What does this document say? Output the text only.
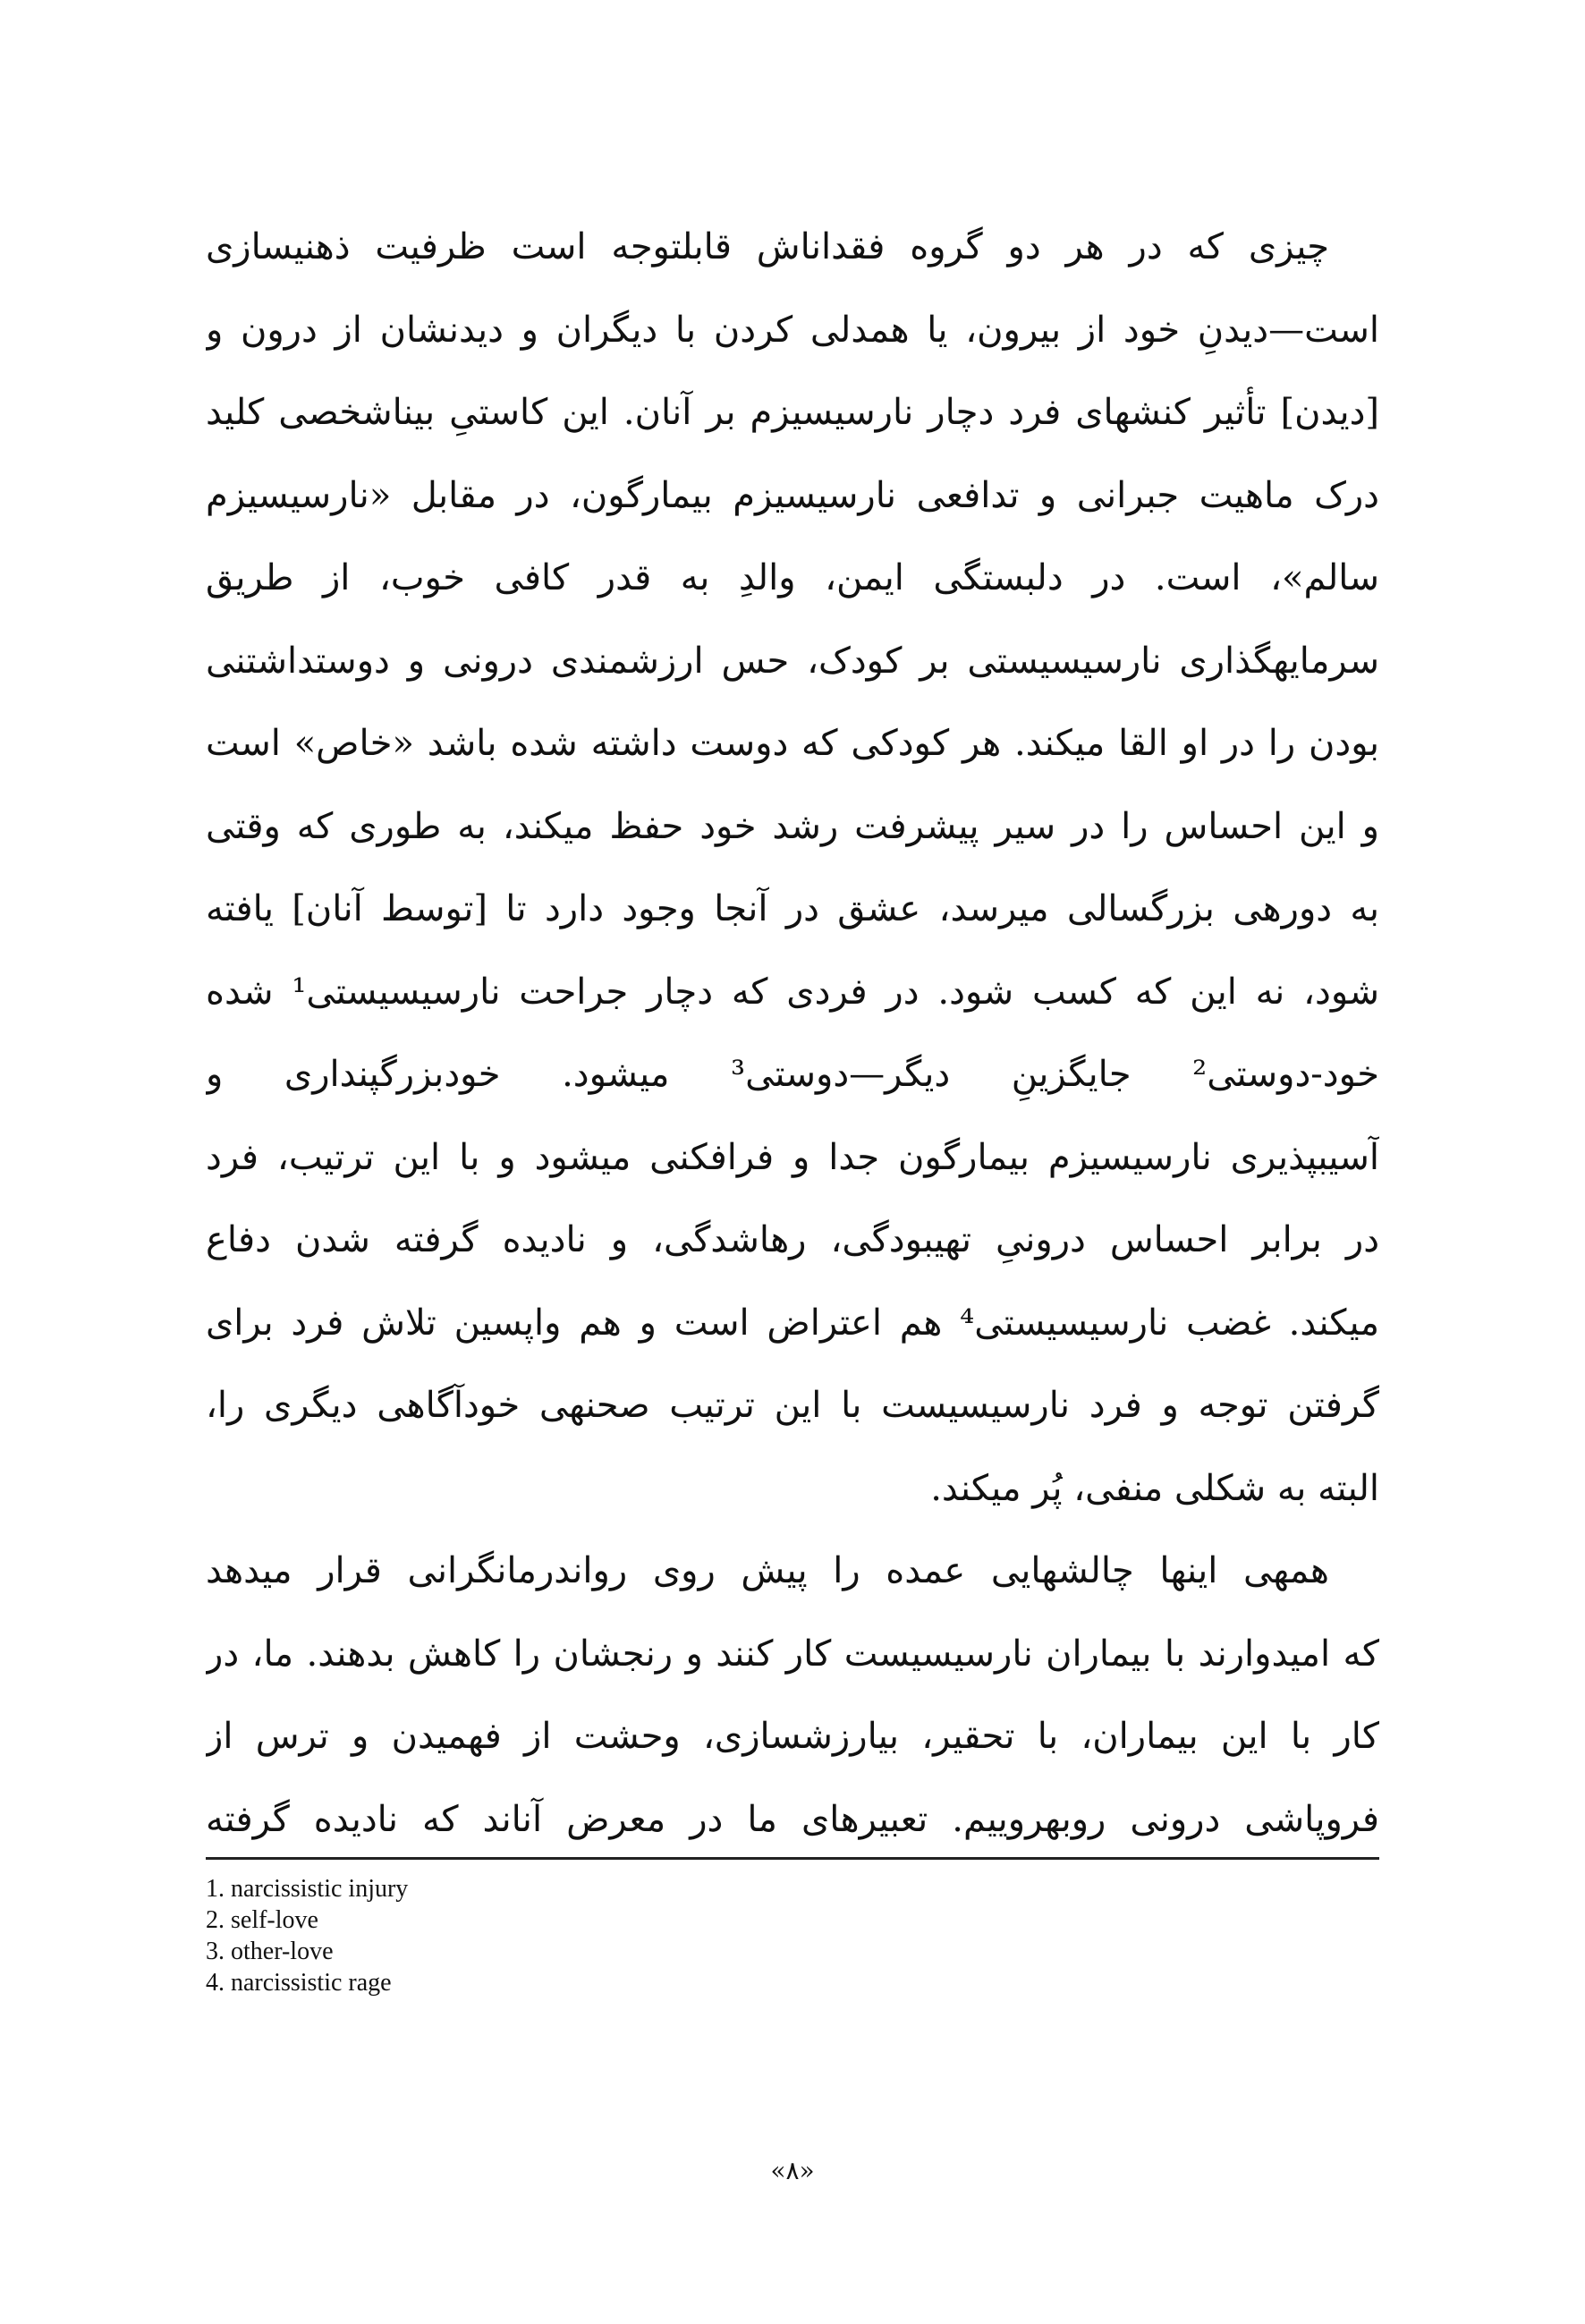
چیزی که در هر دو گروه فقداناش قابلتوجه است ظرفیت ذهنیسازی
است—دیدنِ خود از بیرون، یا همدلی کردن با دیگران و دیدنشان از درون و
[دیدن] تأثیر کنشهای فرد دچار نارسیسیزم بر آنان. این کاستیِ بیناشخصی کلید
درک ماهیت جبرانی و تدافعی نارسیسیزم بیمارگون، در مقابل «نارسیسیزم
سالم»، است. در دلبستگی ایمن، والدِ به قدر کافی خوب، از طریق
سرمایهگذاری نارسیسیستی بر کودک، حس ارزشمندی درونی و دوستداشتنی
بودن را در او القا میکند. هر کودکی که دوست داشته شده باشد «خاص» است
و این احساس را در سیر پیشرفت رشد خود حفظ میکند، به طوری که وقتی
به دورهی بزرگسالی میرسد، عشق در آنجا وجود دارد تا [توسط آنان] یافته
شود، نه این که کسب شود. در فردی که دچار جراحت نارسیسیستی¹ شده
خود-دوستی² جایگزینِ دیگر—دوستی³ میشود. خودبزرگپنداری و
آسیبپذیری نارسیسیزم بیمارگون جدا و فرافکنی میشود و با این ترتیب، فرد
در برابر احساس درونیِ تهیبودگی، رهاشدگی، و نادیده گرفته شدن دفاع
میکند. غضب نارسیسیستی⁴ هم اعتراض است و هم واپسین تلاش فرد برای
گرفتن توجه و فرد نارسیسیست با این ترتیب صحنهی خودآگاهی دیگری را،
البته به شکلی منفی، پُر میکند.
همهی اینها چالشهایی عمده را پیش روی رواندرمانگرانی قرار میدهد
که امیدوارند با بیماران نارسیسیست کار کنند و رنجشان را کاهش بدهند. ما، در
کار با این بیماران، با تحقیر، بیارزشسازی، وحشت از فهمیدن و ترس از
فروپاشی درونی روبهروییم. تعبیرهای ما در معرض آناند که نادیده گرفته
1. narcissistic injury
2. self-love
3. other-love
4. narcissistic rage
«۸»
